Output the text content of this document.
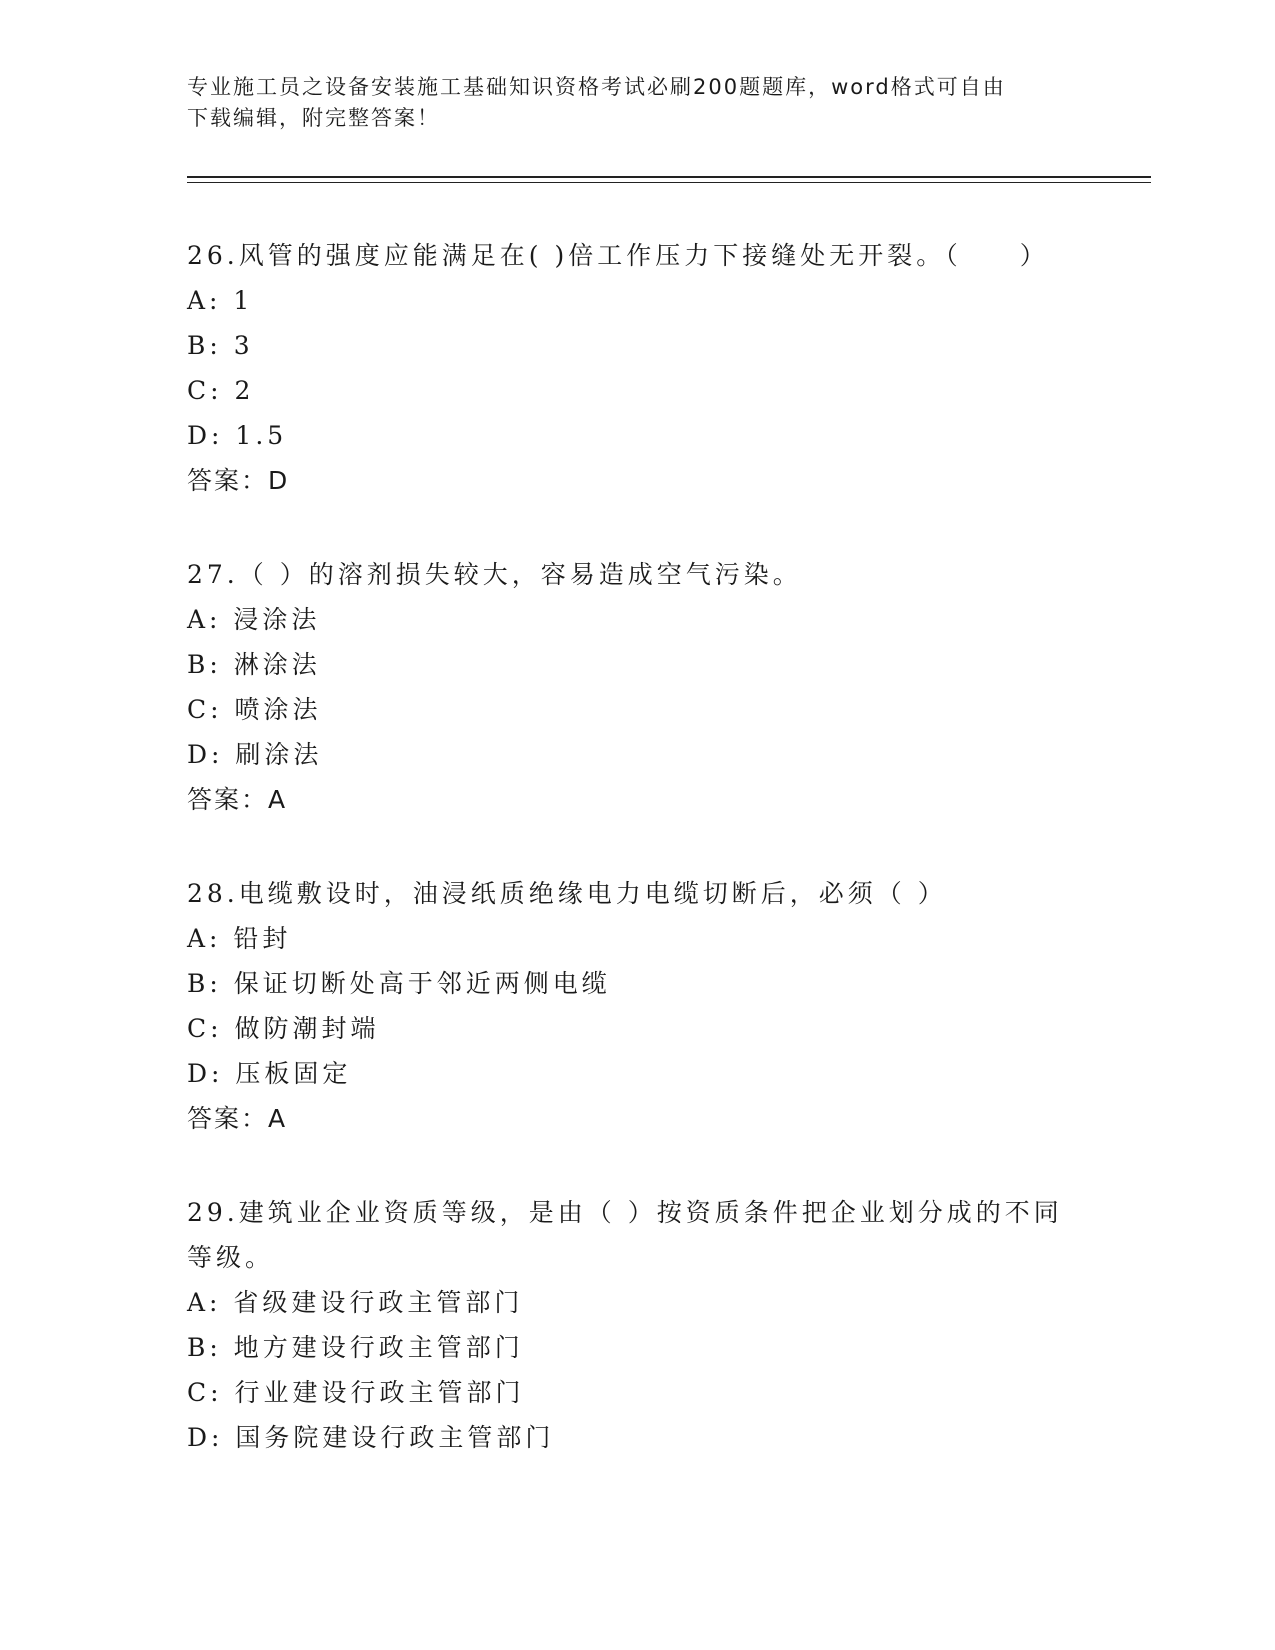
专业施工员之设备安装施工基础知识资格考试必刷200题题库，word格式可自由
下载编辑，附完整答案！
26.风管的强度应能满足在( )倍工作压力下接缝处无开裂。（　　）
A: 1
B: 3
C: 2
D: 1.5
答案：D
27.（ ）的溶剂损失较大，容易造成空气污染。
A: 浸涂法
B: 淋涂法
C: 喷涂法
D: 刷涂法
答案：A
28.电缆敷设时，油浸纸质绝缘电力电缆切断后，必须（ ）
A: 铅封
B: 保证切断处高于邻近两侧电缆
C: 做防潮封端
D: 压板固定
答案：A
29.建筑业企业资质等级，是由（ ）按资质条件把企业划分成的不同
等级。
A: 省级建设行政主管部门
B: 地方建设行政主管部门
C: 行业建设行政主管部门
D: 国务院建设行政主管部门
